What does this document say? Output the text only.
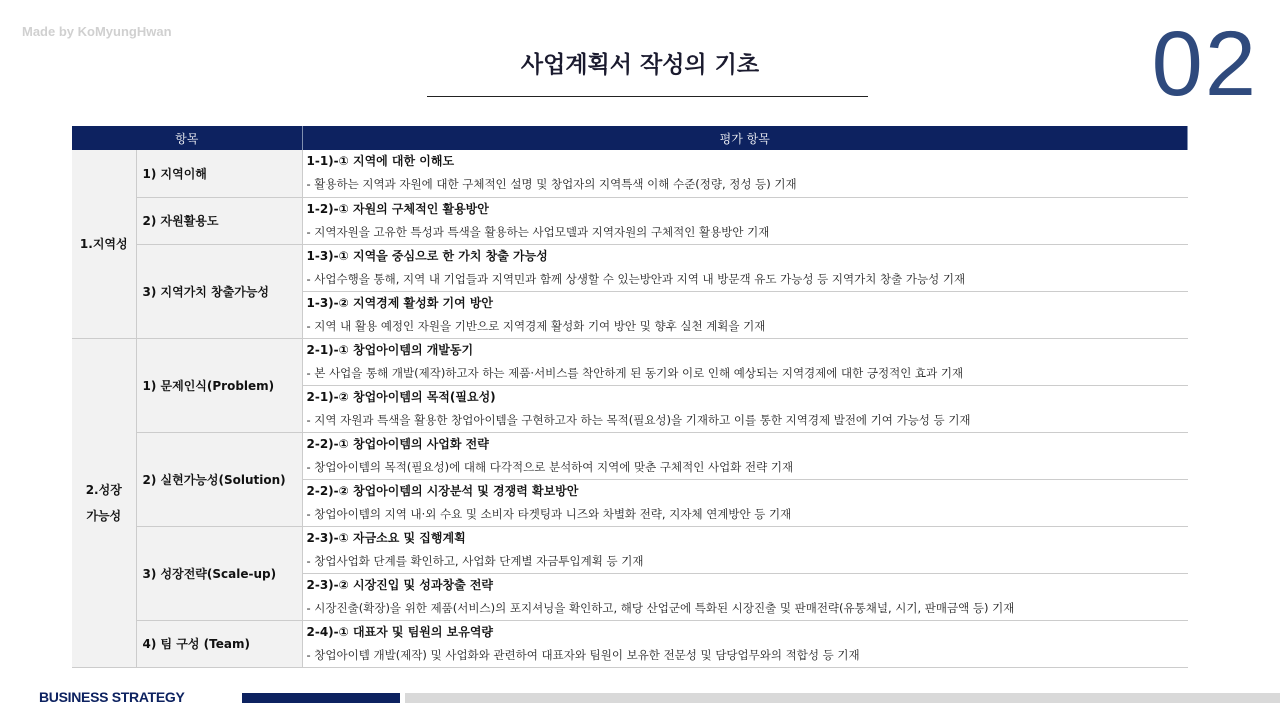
Made by KoMyungHwan
사업계획서 작성의 기초	02
항목		평가 항목
1.지역성	1) 지역이해	1-1)-① 지역에 대한 이해도
- 활용하는 지역과 자원에 대한 구체적인 설명 및 창업자의 지역특색 이해 수준(정량, 정성 등) 기재

	2) 자원활용도	1-2)-① 자원의 구체적인 활용방안
- 지역자원을 고유한 특성과 특색을 활용하는 사업모델과 지역자원의 구체적인 활용방안 기재

	3) 지역가치 창출가능성	1-3)-① 지역을 중심으로 한 가치 창출 가능성
- 사업수행을 통해, 지역 내 기업들과 지역민과 함께 상생할 수 있는방안과 지역 내 방문객 유도 가능성 등 지역가치 창출 가능성 기재

		1-3)-② 지역경제 활성화 기여 방안
- 지역 내 활용 예정인 자원을 기반으로 지역경제 활성화 기여 방안 및 향후 실천 계획을 기재

2.성장 가능성	1) 문제인식(Problem)	2-1)-① 창업아이템의 개발동기
- 본 사업을 통해 개발(제작)하고자 하는 제품·서비스를 착안하게 된 동기와 이로 인해 예상되는 지역경제에 대한 긍정적인 효과 기재

		2-1)-② 창업아이템의 목적(필요성)
- 지역 자원과 특색을 활용한 창업아이템을 구현하고자 하는 목적(필요성)을 기재하고 이를 통한 지역경제 발전에 기여 가능성 등 기재

	2) 실현가능성(Solution)	2-2)-① 창업아이템의 사업화 전략
- 창업아이템의 목적(필요성)에 대해 다각적으로 분석하여 지역에 맞춘 구체적인 사업화 전략 기재

		2-2)-② 창업아이템의 시장분석 및 경쟁력 확보방안
- 창업아이템의 지역 내·외 수요 및 소비자 타겟팅과 니즈와 차별화 전략, 지자체 연계방안 등 기재

	3) 성장전략(Scale-up)	2-3)-① 자금소요 및 집행계획
- 창업사업화 단계를 확인하고, 사업화 단계별 자금투입계획 등 기재

		2-3)-② 시장진입 및 성과창출 전략
- 시장진출(확장)을 위한 제품(서비스)의 포지셔닝을 확인하고, 해당 산업군에 특화된 시장진출 및 판매전략(유통채널, 시기, 판매금액 등) 기재

	4) 팀 구성 (Team)	2-4)-① 대표자 및 팀원의 보유역량
- 창업아이템 개발(제작) 및 사업화와 관련하여 대표자와 팀원이 보유한 전문성 및 담당업무와의 적합성 등 기재
BUSINESS STRATEGY
